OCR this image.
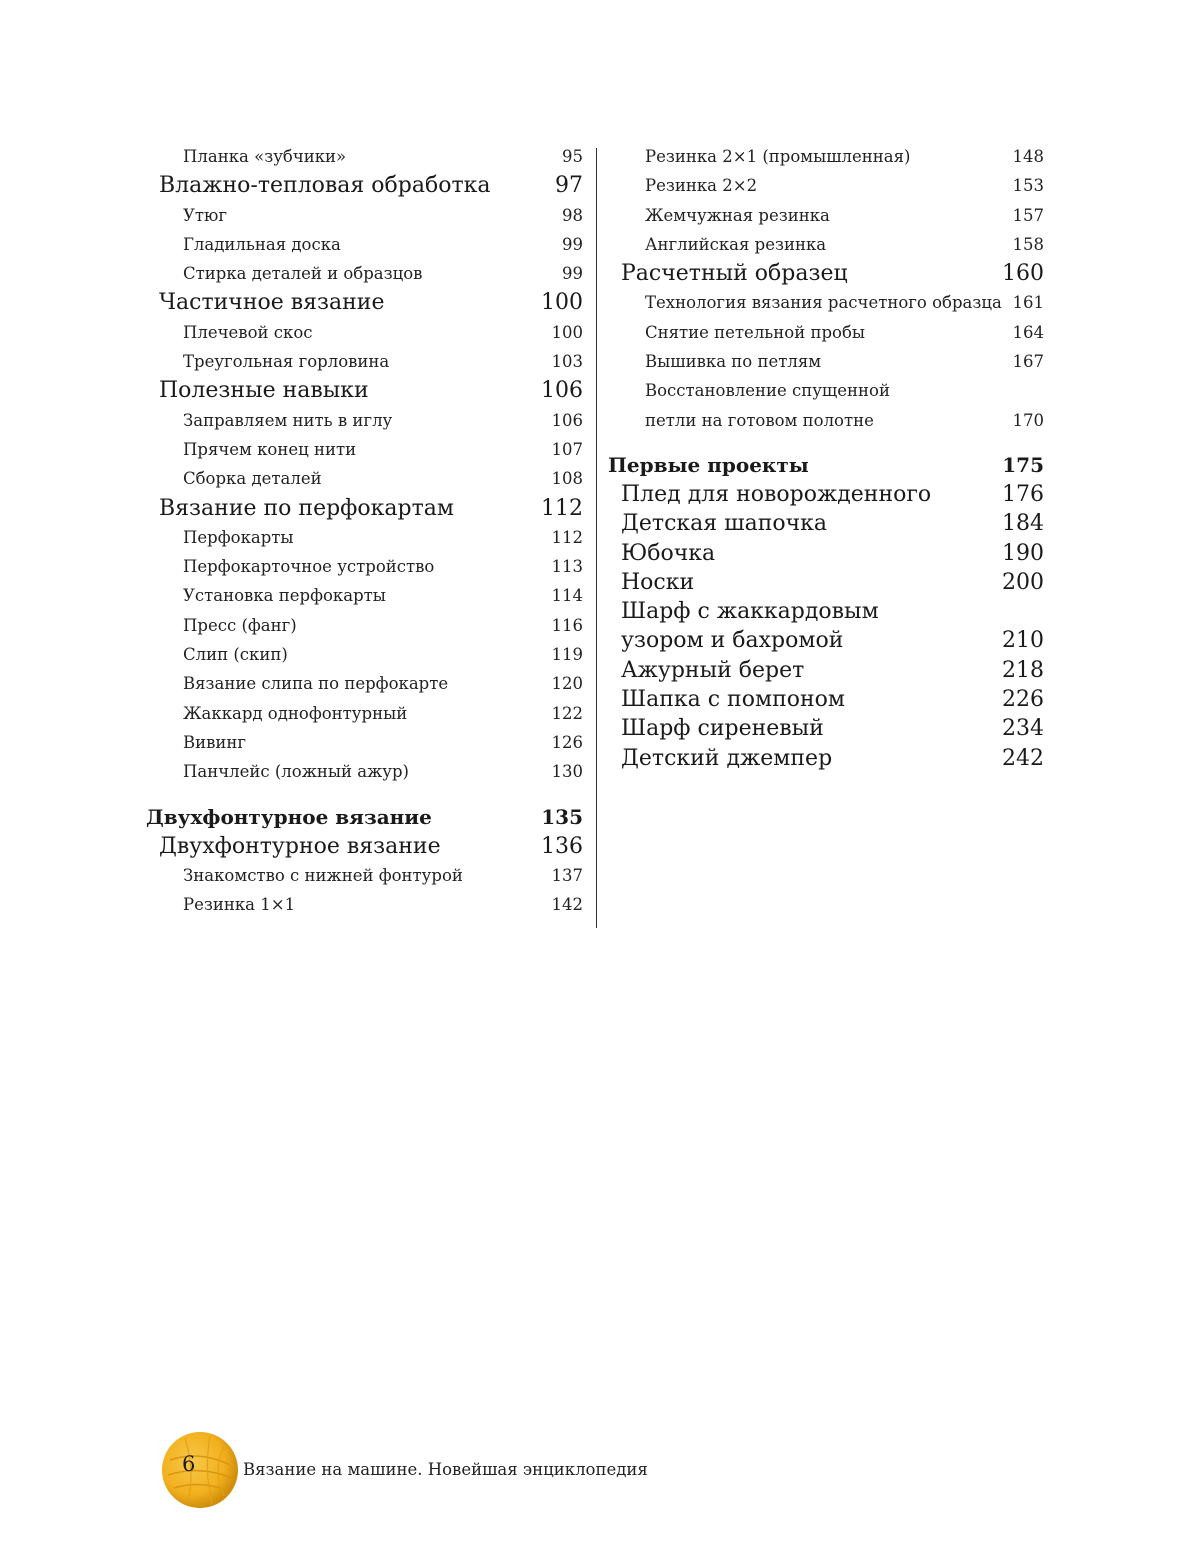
Планка «зубчики»	95
Влажно-тепловая обработка	97
Утюг	98
Гладильная доска	99
Стирка деталей и образцов	99
Частичное вязание	100
Плечевой скос	100
Треугольная горловина	103
Полезные навыки	106
Заправляем нить в иглу	106
Прячем конец нити	107
Сборка деталей	108
Вязание по перфокартам	112
Перфокарты	112
Перфокарточное устройство	113
Установка перфокарты	114
Пресс (фанг)	116
Слип (скип)	119
Вязание слипа по перфокарте	120
Жаккард однофонтурный	122
Вивинг	126
Панчлейс (ложный ажур)	130
Двухфонтурное вязание	135
Двухфонтурное вязание	136
Знакомство с нижней фонтурой	137
Резинка 1×1	142
Резинка 2×1 (промышленная)	148
Резинка 2×2	153
Жемчужная резинка	157
Английская резинка	158
Расчетный образец	160
Технология вязания расчетного образца 161
Снятие петельной пробы	164
Вышивка по петлям	167
Восстановление спущенной петли на готовом полотне	170
Первые проекты	175
Плед для новорожденного	176
Детская шапочка	184
Юбочка	190
Носки	200
Шарф с жаккардовым узором и бахромой	210
Ажурный берет	218
Шапка с помпоном	226
Шарф сиреневый	234
Детский джемпер	242
6	Вязание на машине. Новейшая энциклопедия
